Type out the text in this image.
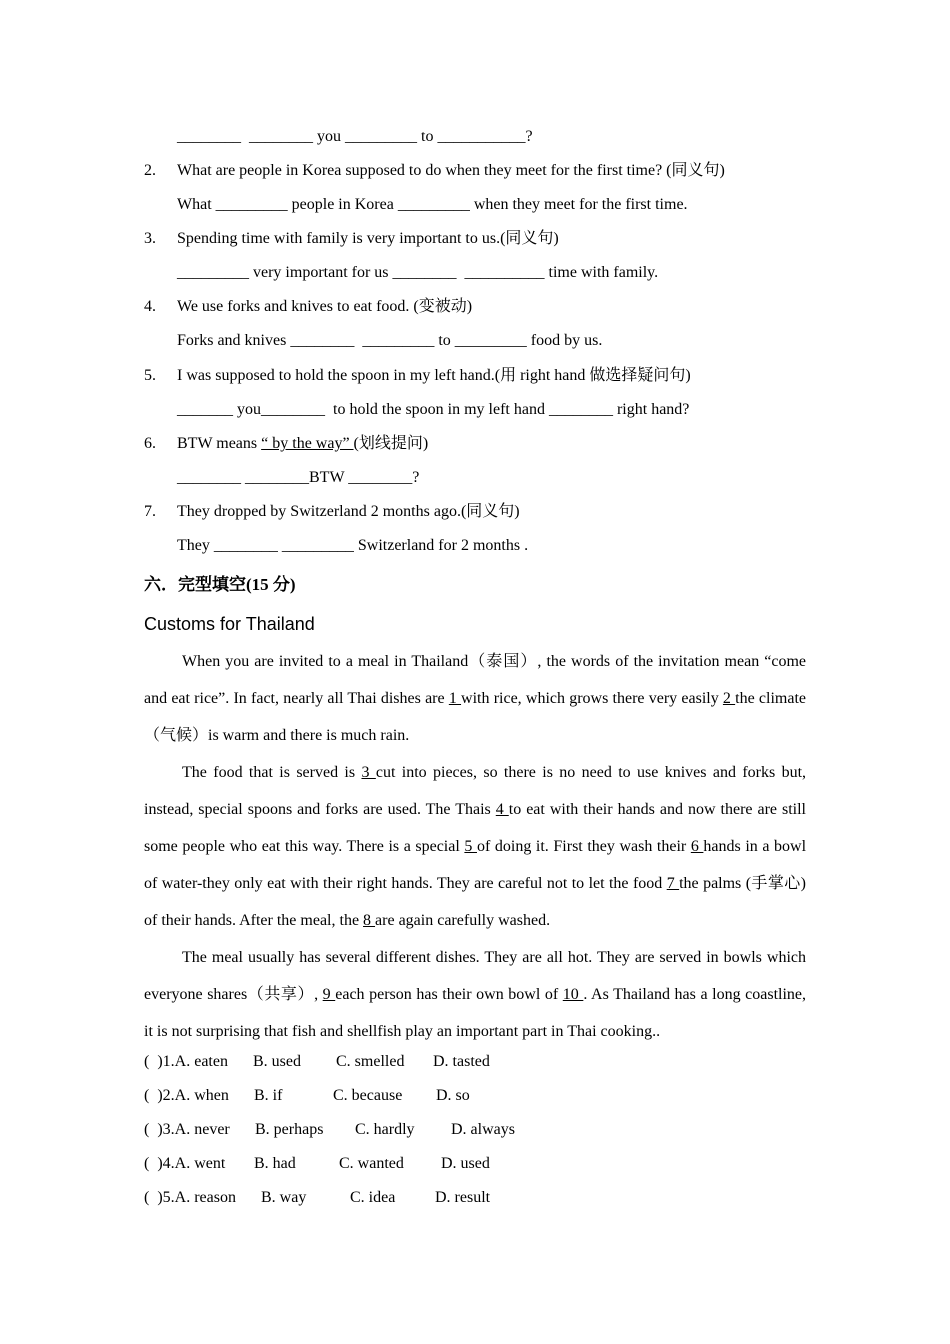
________  ________ you _________ to ___________?
2. What are people in Korea supposed to do when they meet for the first time? (同义句)
What _________ people in Korea _________ when they meet for the first time.
3. Spending time with family is very important to us.(同义句)
_________ very important for us ________  __________ time with family.
4. We use forks and knives to eat food. (变被动)
Forks and knives ________  _________ to _________ food by us.
5. I was supposed to hold the spoon in my left hand.(用 right hand 做选择疑问句)
_______ you________  to hold the spoon in my left hand ________ right hand?
6. BTW means “ by the way” (划线提问)
________ ________BTW ________?
7. They dropped by Switzerland 2 months ago.(同义句)
They ________ _________ Switzerland for 2 months .
六．完型填空(15 分)
Customs for Thailand

When you are invited to a meal in Thailand（泰国）, the words of the invitation mean “come and eat rice”. In fact, nearly all Thai dishes are 1 with rice, which grows there very easily 2 the climate （气候）is warm and there is much rain.

The food that is served is 3 cut into pieces, so there is no need to use knives and forks but, instead, special spoons and forks are used. The Thais 4 to eat with their hands and now there are still some people who eat this way. There is a special 5 of doing it. First they wash their 6 hands in a bowl of water-they only eat with their right hands. They are careful not to let the food 7 the palms (手掌心) of their hands. After the meal, the 8 are again carefully washed.

The meal usually has several different dishes. They are all hot. They are served in bowls which everyone shares（共享）, 9 each person has their own bowl of 10 . As Thailand has a long coastline, it is not surprising that fish and shellfish play an important part in Thai cooking..

(  )1.A. eaten B. used C. smelled D. tasted
(  )2.A. when B. if	C. because D. so
(  )3.A. never B. perhaps C. hardly D. always
(  )4.A. went B. had	C. wanted D. used
(  )5.A. reason B. way	C. idea D. result
